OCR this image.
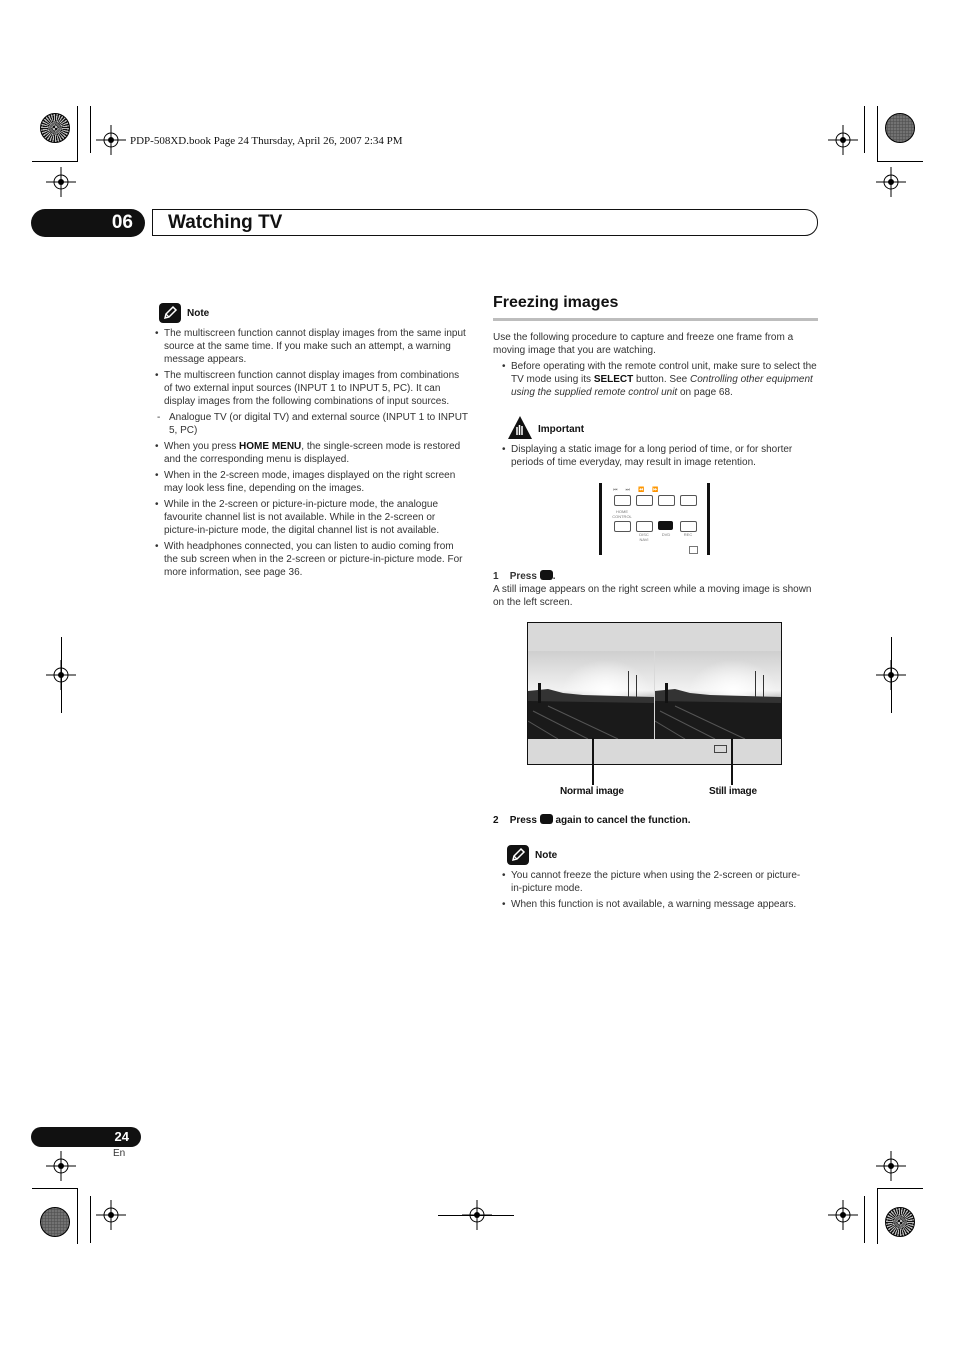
PDP-508XD.book Page 24 Thursday, April 26, 2007 2:34 PM
06	Watching TV
Note
• The multiscreen function cannot display images from the same input source at the same time. If you make such an attempt, a warning message appears.
• The multiscreen function cannot display images from combinations of two external input sources (INPUT 1 to INPUT 5, PC). It can display images from the following combinations of input sources.
- Analogue TV (or digital TV) and external source (INPUT 1 to INPUT 5, PC)
• When you press HOME MENU, the single-screen mode is restored and the corresponding menu is displayed.
• When in the 2-screen mode, images displayed on the right screen may look less fine, depending on the images.
• While in the 2-screen or picture-in-picture mode, the analogue favourite channel list is not available. While in the 2-screen or picture-in-picture mode, the digital channel list is not available.
• With headphones connected, you can listen to audio coming from the sub screen when in the 2-screen or picture-in-picture mode. For more information, see page 36.
Freezing images
Use the following procedure to capture and freeze one frame from a moving image that you are watching.
• Before operating with the remote control unit, make sure to select the TV mode using its SELECT button. See Controlling other equipment using the supplied remote control unit on page 68.
Important
• Displaying a static image for a long period of time, or for shorter periods of time everyday, may result in image retention.
⏮⏭⏪⏩
HOME CONTROL
DISC NAVI
DVD	REC
1 Press .
A still image appears on the right screen while a moving image is shown on the left screen.
Normal image	Still image
2 Press again to cancel the function.
Note
• You cannot freeze the picture when using the 2-screen or picture-in-picture mode.
• When this function is not available, a warning message appears.
24
En
